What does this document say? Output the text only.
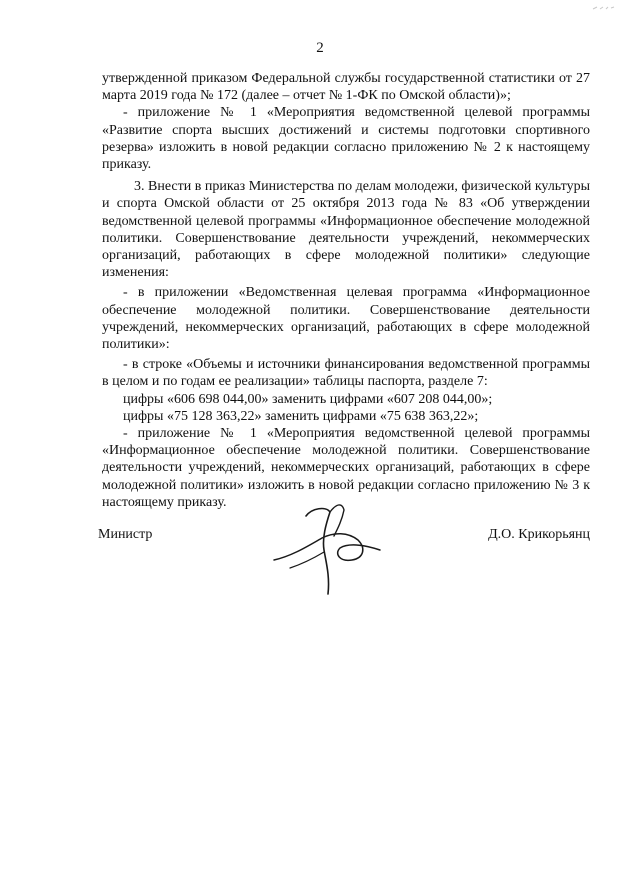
2

утвержденной приказом Федеральной службы государственной статистики от 27 марта 2019 года № 172 (далее – отчет № 1-ФК по Омской области)»;

- приложение № 1 «Мероприятия ведомственной целевой программы «Развитие спорта высших достижений и системы подготовки спортивного резерва» изложить в новой редакции согласно приложению № 2 к настоящему приказу.

3. Внести в приказ Министерства по делам молодежи, физической культуры и спорта Омской области от 25 октября 2013 года № 83 «Об утверждении ведомственной целевой программы «Информационное обеспечение молодежной политики. Совершенствование деятельности учреждений, некоммерческих организаций, работающих в сфере молодежной политики» следующие изменения:

- в приложении «Ведомственная целевая программа «Информационное обеспечение молодежной политики. Совершенствование деятельности учреждений, некоммерческих организаций, работающих в сфере молодежной политики»:

- в строке «Объемы и источники финансирования ведомственной программы в целом и по годам ее реализации» таблицы паспорта, разделе 7:

цифры «606 698 044,00» заменить цифрами «607 208 044,00»;

цифры «75 128 363,22» заменить цифрами «75 638 363,22»;

- приложение № 1 «Мероприятия ведомственной целевой программы «Информационное обеспечение молодежной политики. Совершенствование деятельности учреждений, некоммерческих организаций, работающих в сфере молодежной политики» изложить в новой редакции согласно приложению № 3 к настоящему приказу.

Министр	Д.О. Крикорьянц
